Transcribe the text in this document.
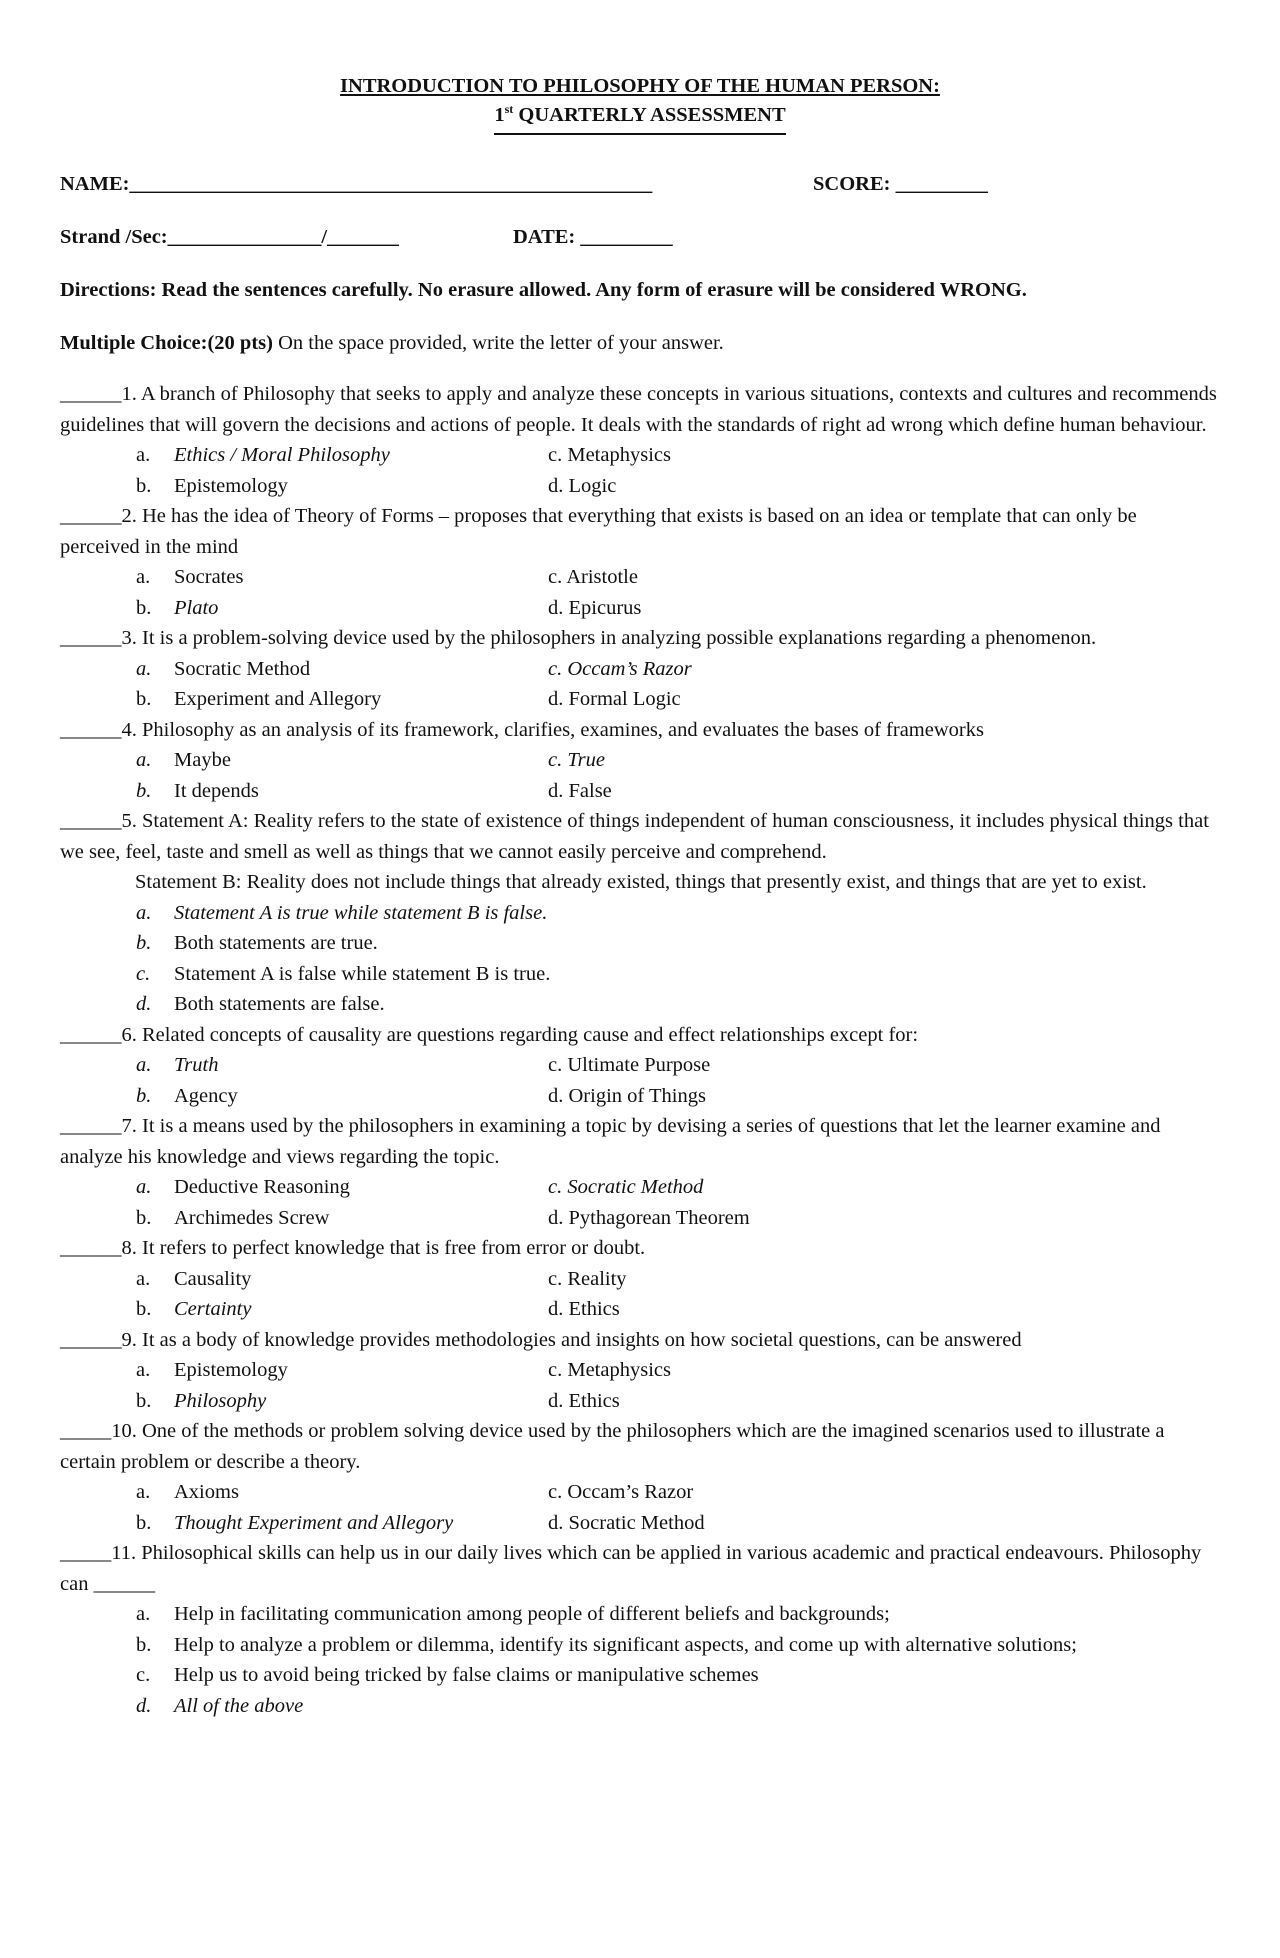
INTRODUCTION TO PHILOSOPHY OF THE HUMAN PERSON:
1st QUARTERLY ASSESSMENT
NAME:___________________________________________________	SCORE: _________
Strand /Sec:_______________/_______	DATE: _________
Directions: Read the sentences carefully. No erasure allowed. Any form of erasure will be considered WRONG.
Multiple Choice:(20 pts) On the space provided, write the letter of your answer.
______1. A branch of Philosophy that seeks to apply and analyze these concepts in various situations, contexts and cultures and recommends guidelines that will govern the decisions and actions of people. It deals with the standards of right ad wrong which define human behaviour.
a. Ethics / Moral Philosophy	c. Metaphysics
b. Epistemology	d. Logic
______2. He has the idea of Theory of Forms – proposes that everything that exists is based on an idea or template that can only be perceived in the mind
a. Socrates	c. Aristotle
b. Plato	d. Epicurus
______3. It is a problem-solving device used by the philosophers in analyzing possible explanations regarding a phenomenon.
a. Socratic Method	c. Occam’s Razor
b. Experiment and Allegory	d. Formal Logic
______4. Philosophy as an analysis of its framework, clarifies, examines, and evaluates the bases of frameworks
a. Maybe	c. True
b. It depends	d. False
______5. Statement A: Reality refers to the state of existence of things independent of human consciousness, it includes physical things that we see, feel, taste and smell as well as things that we cannot easily perceive and comprehend.
Statement B: Reality does not include things that already existed, things that presently exist, and things that are yet to exist.
a. Statement A is true while statement B is false.
b. Both statements are true.
c. Statement A is false while statement B is true.
d. Both statements are false.
______6. Related concepts of causality are questions regarding cause and effect relationships except for:
a. Truth	c. Ultimate Purpose
b. Agency	d. Origin of Things
______7. It is a means used by the philosophers in examining a topic by devising a series of questions that let the learner examine and analyze his knowledge and views regarding the topic.
a. Deductive Reasoning	c. Socratic Method
b. Archimedes Screw	d. Pythagorean Theorem
______8. It refers to perfect knowledge that is free from error or doubt.
a. Causality	c. Reality
b. Certainty	d. Ethics
______9. It as a body of knowledge provides methodologies and insights on how societal questions, can be answered
a. Epistemology	c. Metaphysics
b. Philosophy	d. Ethics
_____10. One of the methods or problem solving device used by the philosophers which are the imagined scenarios used to illustrate a certain problem or describe a theory.
a. Axioms	c. Occam’s Razor
b. Thought Experiment and Allegory	d. Socratic Method
_____11. Philosophical skills can help us in our daily lives which can be applied in various academic and practical endeavours. Philosophy can ______
a. Help in facilitating communication among people of different beliefs and backgrounds;
b. Help to analyze a problem or dilemma, identify its significant aspects, and come up with alternative solutions;
c. Help us to avoid being tricked by false claims or manipulative schemes
d. All of the above
